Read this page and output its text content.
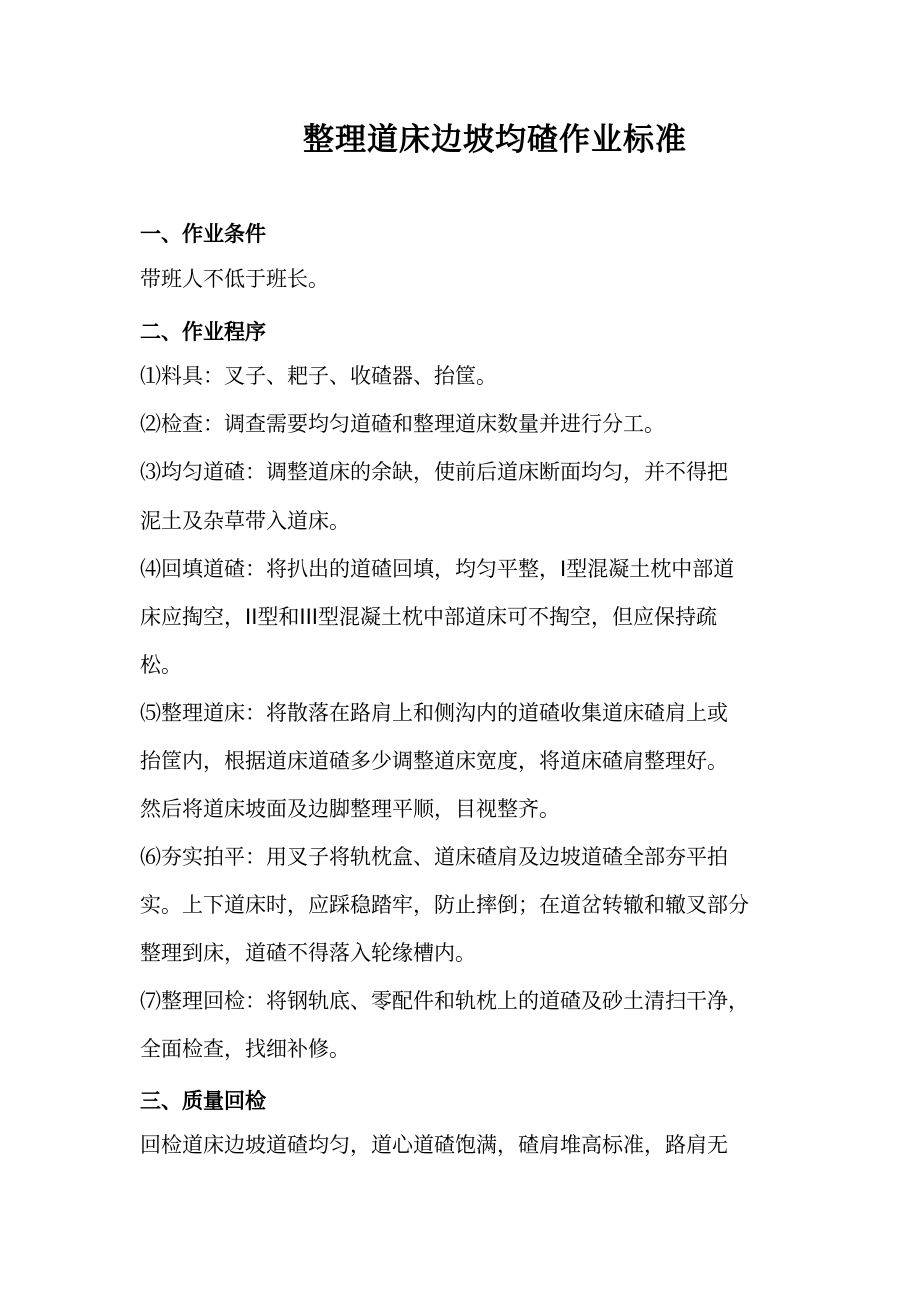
整理道床边坡均碴作业标准
一、作业条件
带班人不低于班长。
二、作业程序
⑴料具：叉子、耙子、收碴器、抬筐。
⑵检查：调查需要均匀道碴和整理道床数量并进行分工。
⑶均匀道碴：调整道床的余缺，使前后道床断面均匀，并不得把
泥土及杂草带入道床。
⑷回填道碴：将扒出的道碴回填，均匀平整，I型混凝土枕中部道
床应掏空，II型和III型混凝土枕中部道床可不掏空，但应保持疏
松。
⑸整理道床：将散落在路肩上和侧沟内的道碴收集道床碴肩上或
抬筐内，根据道床道碴多少调整道床宽度，将道床碴肩整理好。
然后将道床坡面及边脚整理平顺，目视整齐。
⑹夯实拍平：用叉子将轨枕盒、道床碴肩及边坡道碴全部夯平拍
实。上下道床时，应踩稳踏牢，防止摔倒；在道岔转辙和辙叉部分
整理到床，道碴不得落入轮缘槽内。
⑺整理回检：将钢轨底、零配件和轨枕上的道碴及砂土清扫干净，
全面检查，找细补修。
三、质量回检
回检道床边坡道碴均匀，道心道碴饱满，碴肩堆高标准，路肩无
